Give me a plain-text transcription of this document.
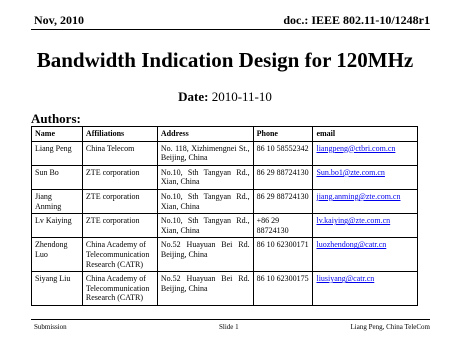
Nov, 2010	doc.: IEEE 802.11-10/1248r1
Bandwidth Indication Design for 120MHz
Date: 2010-11-10
Authors:
Name	Affiliations	Address	Phone	email
Liang Peng	China Telecom	No. 118, Xizhimengnei St., Beijing, China	86 10 58552342	liangpeng@ctbri.com.cn
Sun Bo	ZTE corporation	No.10, Sth Tangyan Rd., Xian, China	86 29 88724130	Sun.bo1@zte.com.cn
Jiang Anming	ZTE corporation	No.10, Sth Tangyan Rd., Xian, China	86 29 88724130	jiang.anming@zte.com.cn
Lv Kaiying	ZTE corporation	No.10, Sth Tangyan Rd., Xian, China	+86 29 88724130	lv.kaiying@zte.com.cn
Zhendong Luo	China Academy of Telecommunication Research (CATR)	No.52 Huayuan Bei Rd. Beijing, China	86 10 62300171	luozhendong@catr.cn
Siyang Liu	China Academy of Telecommunication Research (CATR)	No.52 Huayuan Bei Rd. Beijing, China	86 10 62300175	liusiyang@catr.cn
Submission	Slide 1	Liang Peng, China TeleCom
